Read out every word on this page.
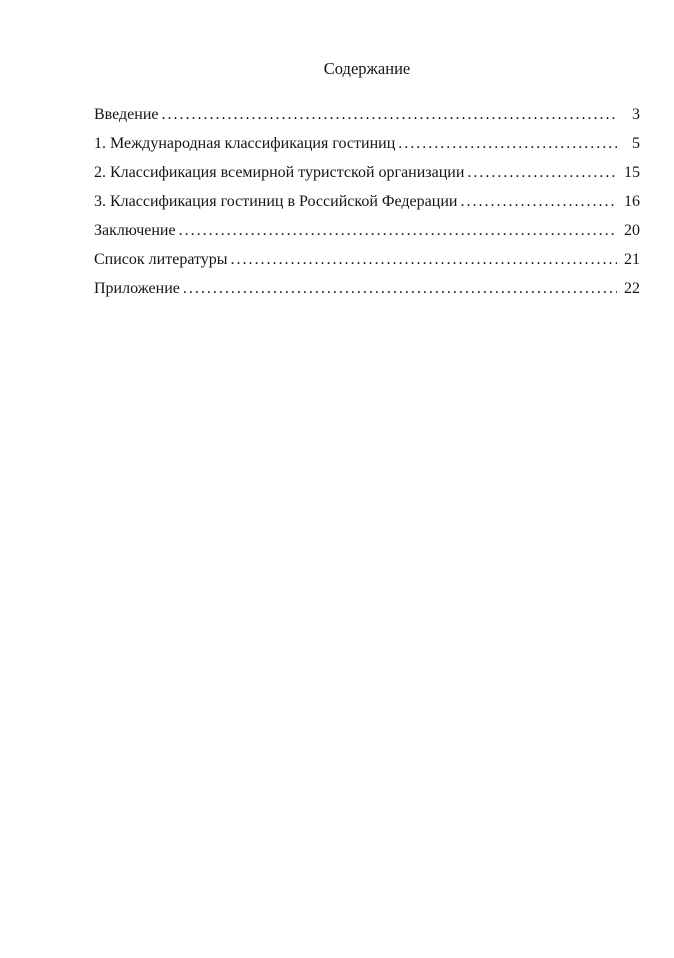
Содержание
Введение . . .	3
1. Международная классификация гостиниц . . .	5
2. Классификация всемирной туристской организации . . .	15
3. Классификация гостиниц в Российской Федерации . . .	16
Заключение . . .	20
Список литературы . . .	21
Приложение . . .	22
